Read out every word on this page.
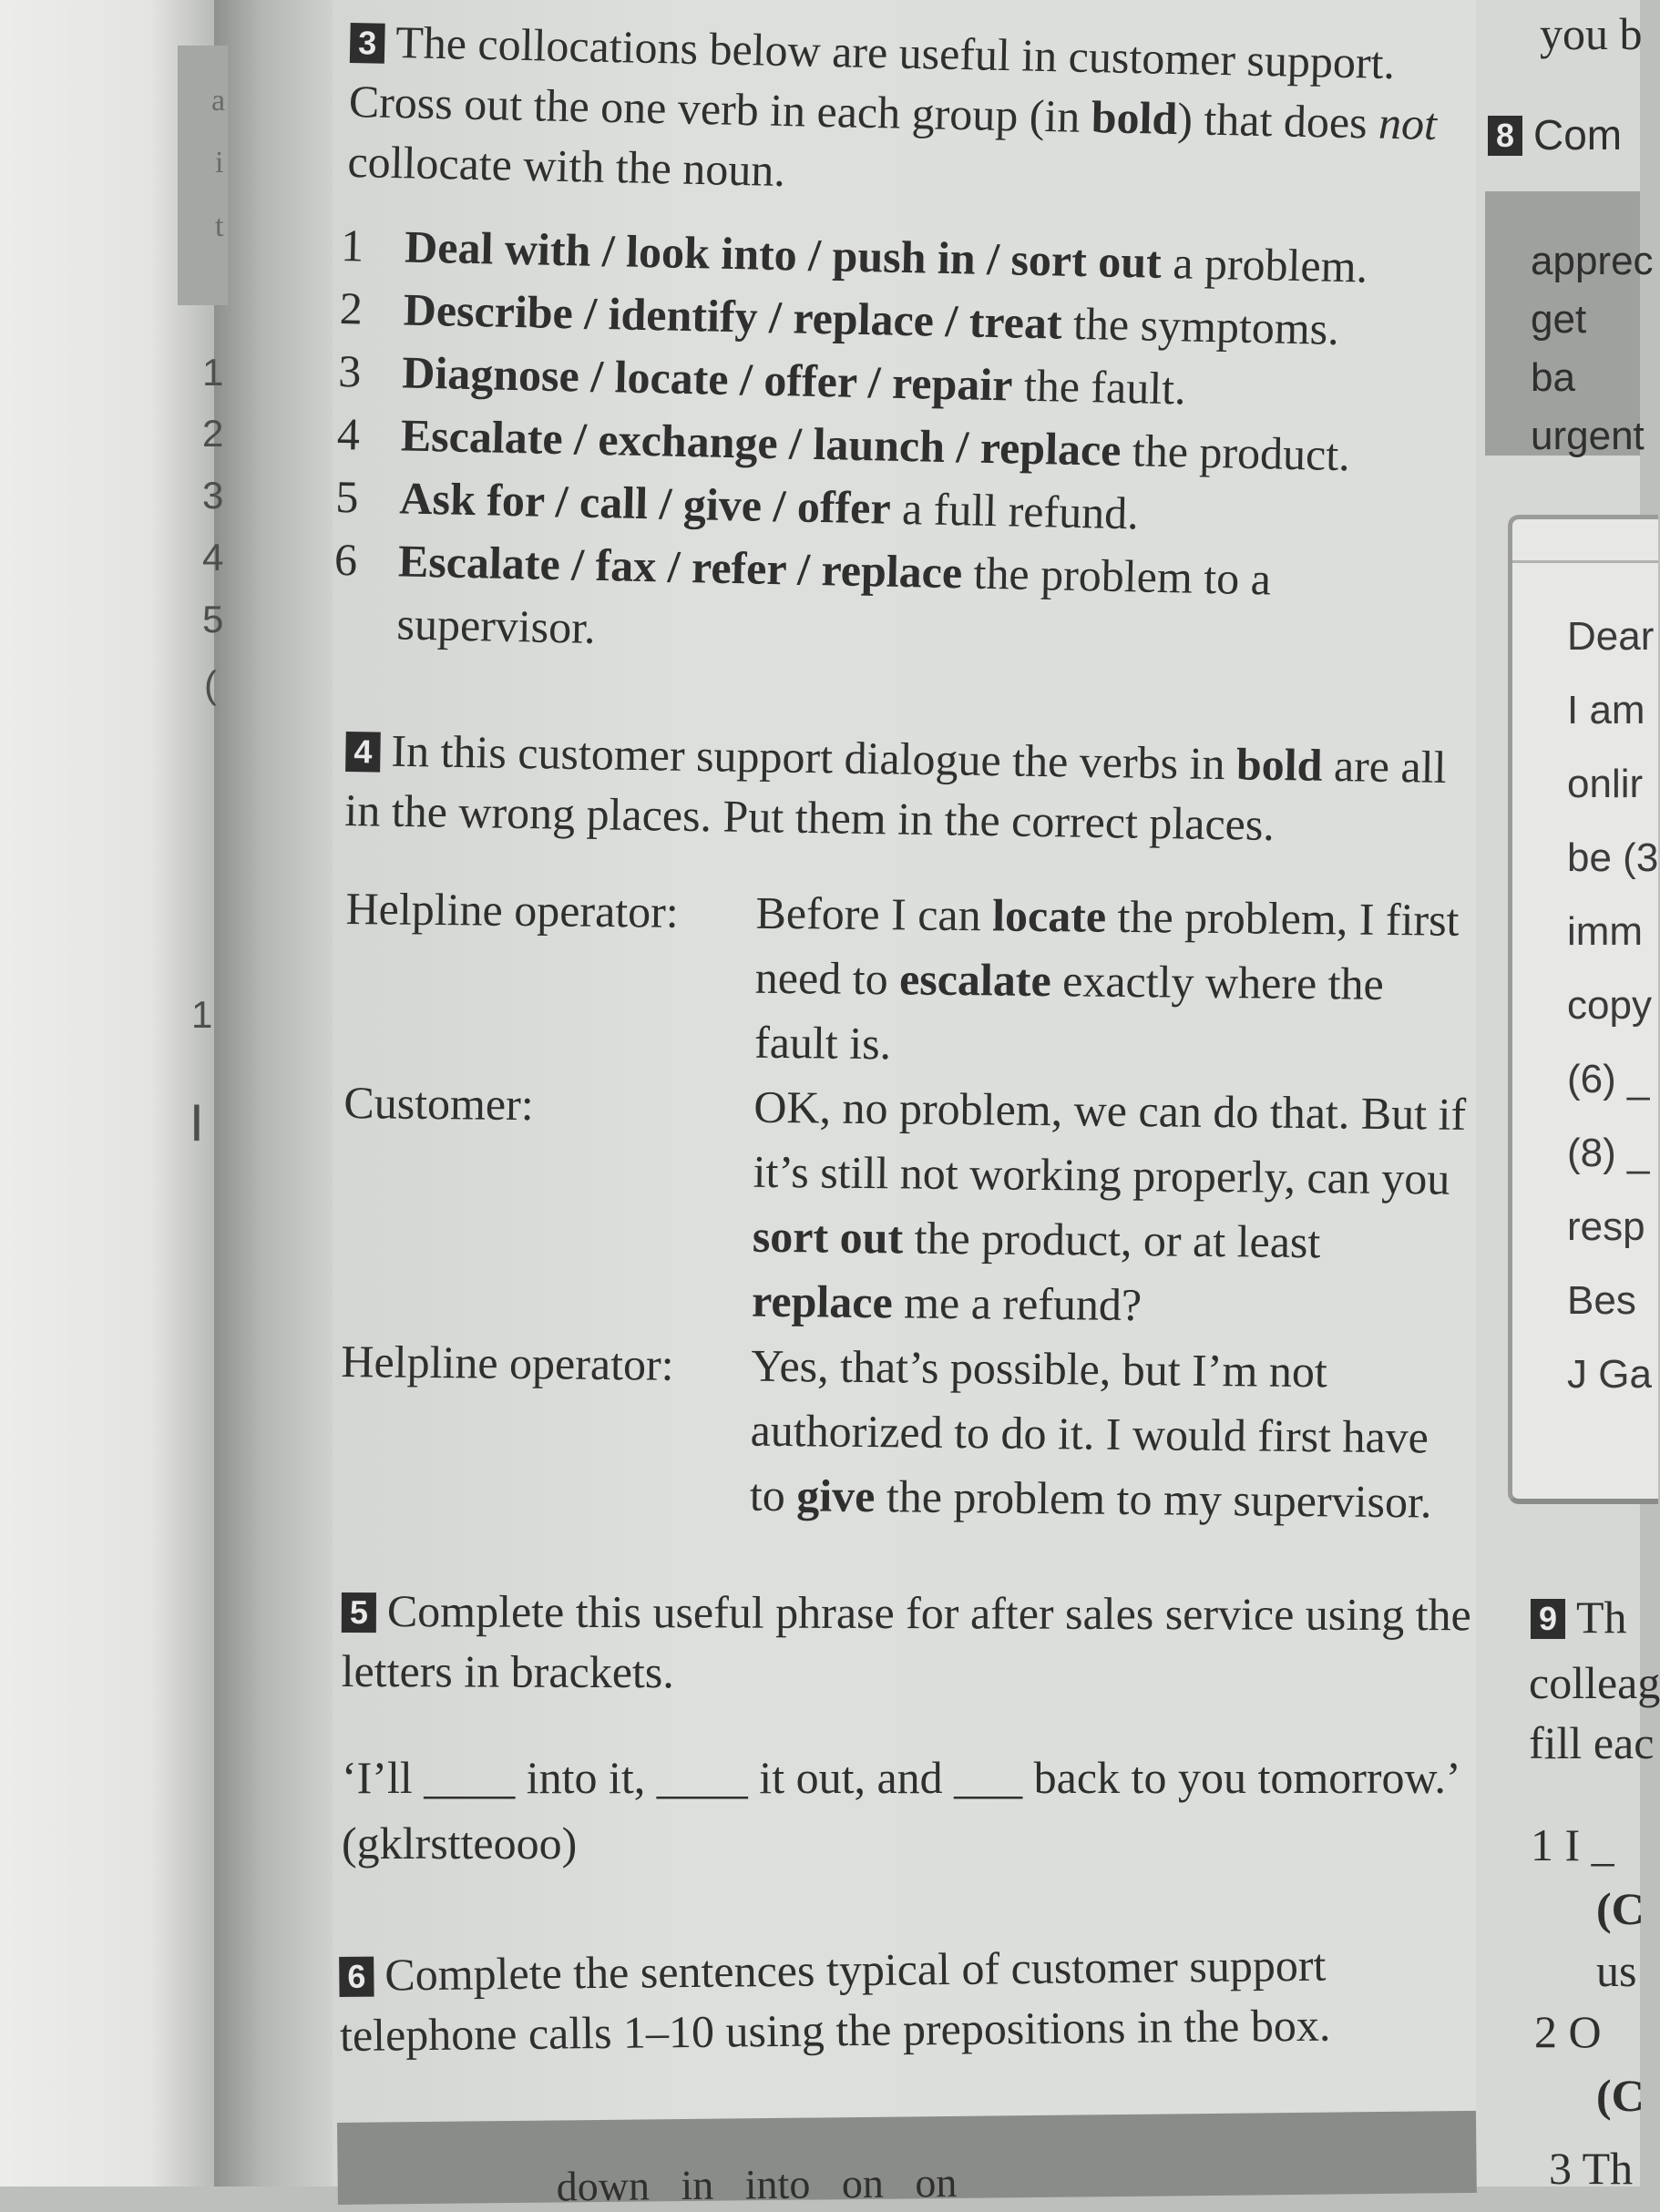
a
i
t
1
2
3
4
5
(
1
|
3 The collocations below are useful in customer support. Cross out the one verb in each group (in bold) that does not collocate with the noun.
1 Deal with / look into / push in / sort out a problem.
2 Describe / identify / replace / treat the symptoms.
3 Diagnose / locate / offer / repair the fault.
4 Escalate / exchange / launch / replace the product.
5 Ask for / call / give / offer a full refund.
6 Escalate / fax / refer / replace the problem to a supervisor.
4 In this customer support dialogue the verbs in bold are all in the wrong places. Put them in the correct places.
Helpline operator:	Before I can locate the problem, I first need to escalate exactly where the fault is.
Customer:	OK, no problem, we can do that. But if it’s still not working properly, can you sort out the product, or at least replace me a refund?
Helpline operator:	Yes, that’s possible, but I’m not authorized to do it. I would first have to give the problem to my supervisor.
5 Complete this useful phrase for after sales service using the letters in brackets.
‘I’ll ____ into it, ____ it out, and ___ back to you tomorrow.’ (gklrstteooo)
6 Complete the sentences typical of customer support telephone calls 1–10 using the prepositions in the box.
down   in   into   on   on
you b
8 Com
apprec
get ba
urgent
Dear
I am
onlir
be (3
imm
copy
(6) _
(8) _
resp
Bes
J Ga
9 Th
colleag
fill eac
1 I _
(C
us
2 O
(C
3 Th
